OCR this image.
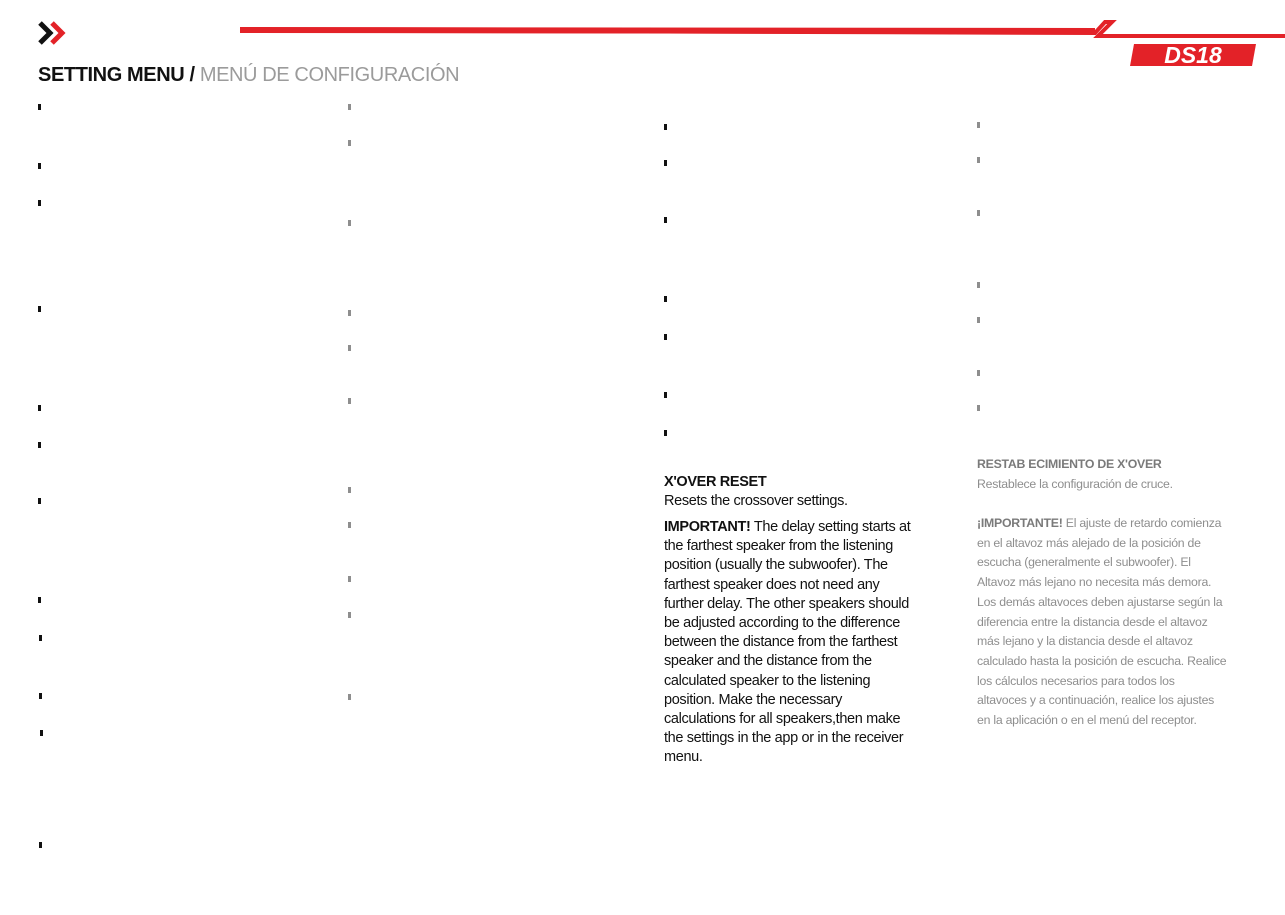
DS18
SETTING MENU / MENÚ DE CONFIGURACIÓN
X'OVER RESET
Resets the crossover settings.
IMPORTANT! The delay setting starts at the farthest speaker from the listening position (usually the subwoofer). The farthest speaker does not need any further delay. The other speakers should be adjusted according to the difference between the distance from the farthest speaker and the distance from the calculated speaker to the listening position. Make the necessary calculations for all speakers,then make the settings in the app or in the receiver menu.
RESTAB ECIMIENTO DE X'OVER
Restablece la configuración de cruce.
¡IMPORTANTE! El ajuste de retardo comienza en el altavoz más alejado de la posición de escucha (generalmente el subwoofer). El Altavoz más lejano no necesita más demora. Los demás altavoces deben ajustarse según la diferencia entre la distancia desde el altavoz más lejano y la distancia desde el altavoz calculado hasta la posición de escucha. Realice los cálculos necesarios para todos los altavoces y a continuación, realice los ajustes en la aplicación o en el menú del receptor.
